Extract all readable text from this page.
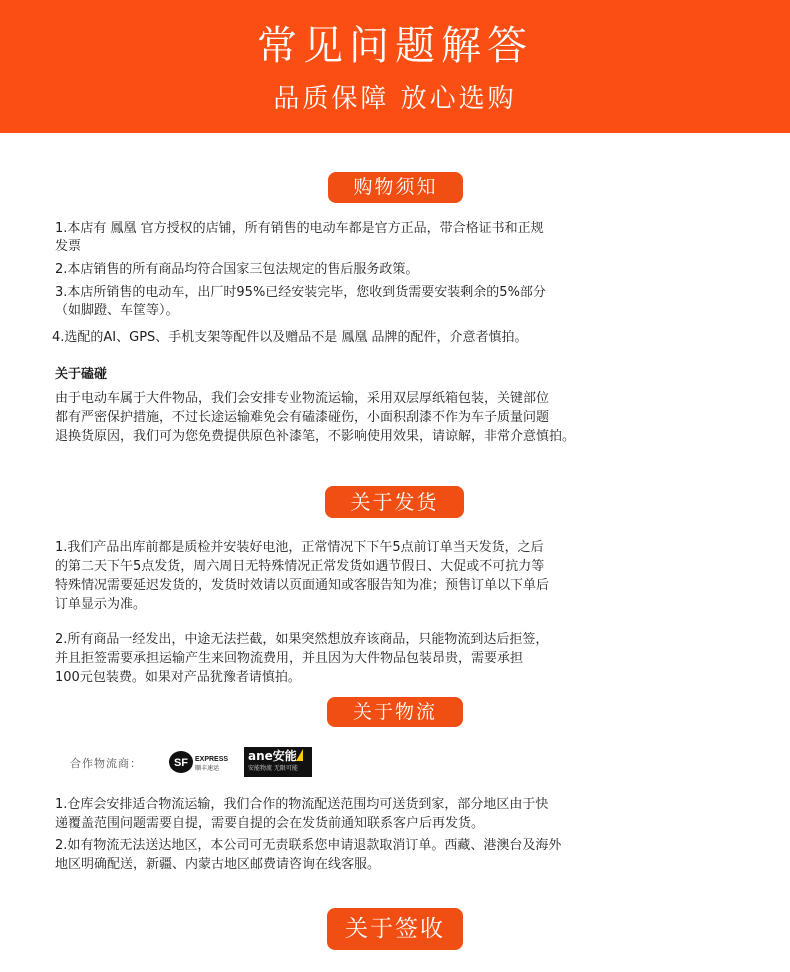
常见问题解答
品质保障 放心选购
购物须知
1.本店有 鳳凰 官方授权的店铺，所有销售的电动车都是官方正品，带合格证书和正规
发票
2.本店销售的所有商品均符合国家三包法规定的售后服务政策。
3.本店所销售的电动车，出厂时95%已经安装完毕，您收到货需要安装剩余的5%部分
（如脚蹬、车筐等）。
4.选配的AI、GPS、手机支架等配件以及赠品不是 鳳凰 品牌的配件，介意者慎拍。
关于磕碰
由于电动车属于大件物品，我们会安排专业物流运输，采用双层厚纸箱包装，关键部位
都有严密保护措施，不过长途运输难免会有磕漆碰伤，小面积刮漆不作为车子质量问题
退换货原因，我们可为您免费提供原色补漆笔，不影响使用效果，请谅解，非常介意慎拍。
关于发货
1.我们产品出库前都是质检并安装好电池，正常情况下下午5点前订单当天发货，之后
的第二天下午5点发货，周六周日无特殊情况正常发货如遇节假日、大促或不可抗力等
特殊情况需要延迟发货的，发货时效请以页面通知或客服告知为准；预售订单以下单后
订单显示为准。
2.所有商品一经发出，中途无法拦截，如果突然想放弃该商品，只能物流到达后拒签，
并且拒签需要承担运输产生来回物流费用，并且因为大件物品包装昂贵，需要承担
100元包装费。如果对产品犹豫者请慎拍。
关于物流
合作物流商：	SF EXPRESS
顺丰速运
ane安能
安能物流 无限可能
1.仓库会安排适合物流运输，我们合作的物流配送范围均可送货到家，部分地区由于快
递覆盖范围问题需要自提，需要自提的会在发货前通知联系客户后再发货。
2.如有物流无法送达地区，本公司可无责联系您申请退款取消订单。西藏、港澳台及海外
地区明确配送，新疆、内蒙古地区邮费请咨询在线客服。
关于签收
